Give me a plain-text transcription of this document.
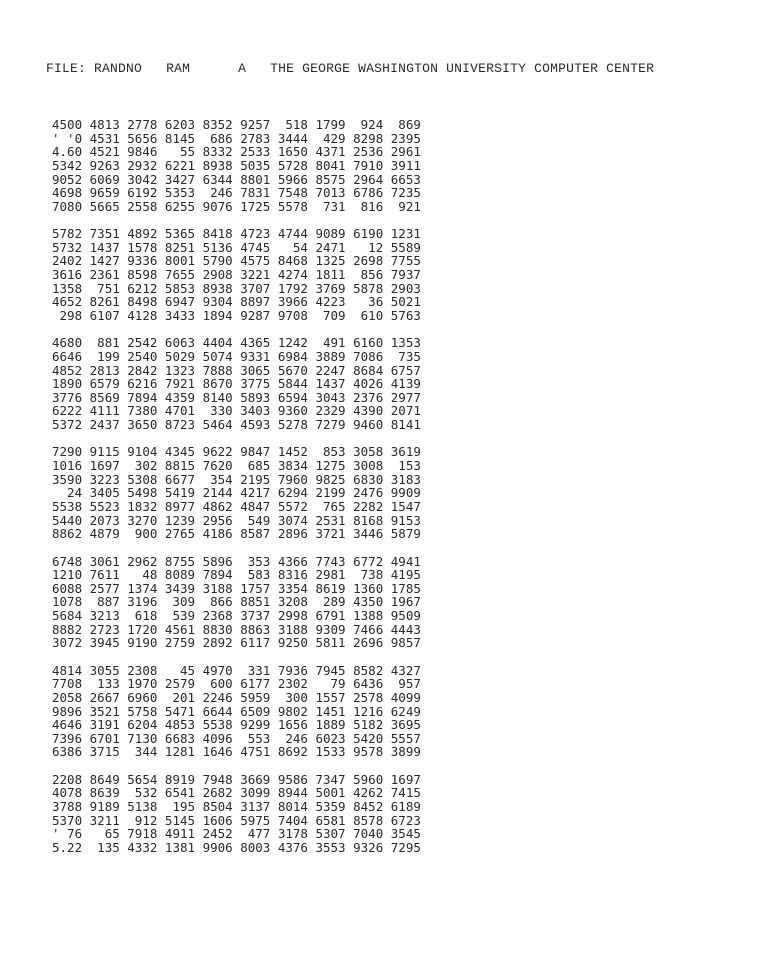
FILE: RANDNO RAM	A THE GEORGE WASHINGTON UNIVERSITY COMPUTER CENTER
4500 4813 2778 6203 8352 9257  518 1799  924  869
' '0 4531 5656 8145  686 2783 3444  429 8298 2395
4.60 4521 9846   55 8332 2533 1650 4371 2536 2961
5342 9263 2932 6221 8938 5035 5728 8041 7910 3911
9052 6069 3042 3427 6344 8801 5966 8575 2964 6653
4698 9659 6192 5353  246 7831 7548 7013 6786 7235
7080 5665 2558 6255 9076 1725 5578  731  816  921
5782 7351 4892 5365 8418 4723 4744 9089 6190 1231
5732 1437 1578 8251 5136 4745   54 2471   12 5589
2402 1427 9336 8001 5790 4575 8468 1325 2698 7755
3616 2361 8598 7655 2908 3221 4274 1811  856 7937
1358  751 6212 5853 8938 3707 1792 3769 5878 2903
4652 8261 8498 6947 9304 8897 3966 4223   36 5021
298 6107 4128 3433 1894 9287 9708  709  610 5763
4680  881 2542 6063 4404 4365 1242  491 6160 1353
6646  199 2540 5029 5074 9331 6984 3889 7086  735
4852 2813 2842 1323 7888 3065 5670 2247 8684 6757
1890 6579 6216 7921 8670 3775 5844 1437 4026 4139
3776 8569 7894 4359 8140 5893 6594 3043 2376 2977
6222 4111 7380 4701  330 3403 9360 2329 4390 2071
5372 2437 3650 8723 5464 4593 5278 7279 9460 8141
7290 9115 9104 4345 9622 9847 1452  853 3058 3619
1016 1697  302 8815 7620  685 3834 1275 3008  153
3590 3223 5308 6677  354 2195 7960 9825 6830 3183
24 3405 5498 5419 2144 4217 6294 2199 2476 9909
5538 5523 1832 8977 4862 4847 5572  765 2282 1547
5440 2073 3270 1239 2956  549 3074 2531 8168 9153
8862 4879  900 2765 4186 8587 2896 3721 3446 5879
6748 3061 2962 8755 5896  353 4366 7743 6772 4941
1210 7611   48 8089 7894  583 8316 2981  738 4195
6088 2577 1374 3439 3188 1757 3354 8619 1360 1785
1078  887 3196  309  866 8851 3208  289 4350 1967
5684 3213  618  539 2368 3737 2998 6791 1388 9509
8882 2723 1720 4561 8830 8863 3188 9309 7466 4443
3072 3945 9190 2759 2892 6117 9250 5811 2696 9857
4814 3055 2308   45 4970  331 7936 7945 8582 4327
7708  133 1970 2579  600 6177 2302   79 6436  957
2058 2667 6960  201 2246 5959  300 1557 2578 4099
9896 3521 5758 5471 6644 6509 9802 1451 1216 6249
4646 3191 6204 4853 5538 9299 1656 1889 5182 3695
7396 6701 7130 6683 4096  553  246 6023 5420 5557
6386 3715  344 1281 1646 4751 8692 1533 9578 3899
2208 8649 5654 8919 7948 3669 9586 7347 5960 1697
4078 8639  532 6541 2682 3099 8944 5001 4262 7415
3788 9189 5138  195 8504 3137 8014 5359 8452 6189
5370 3211  912 5145 1606 5975 7404 6581 8578 6723
' 76   65 7918 4911 2452  477 3178 5307 7040 3545
5.22  135 4332 1381 9906 8003 4376 3553 9326 7295
